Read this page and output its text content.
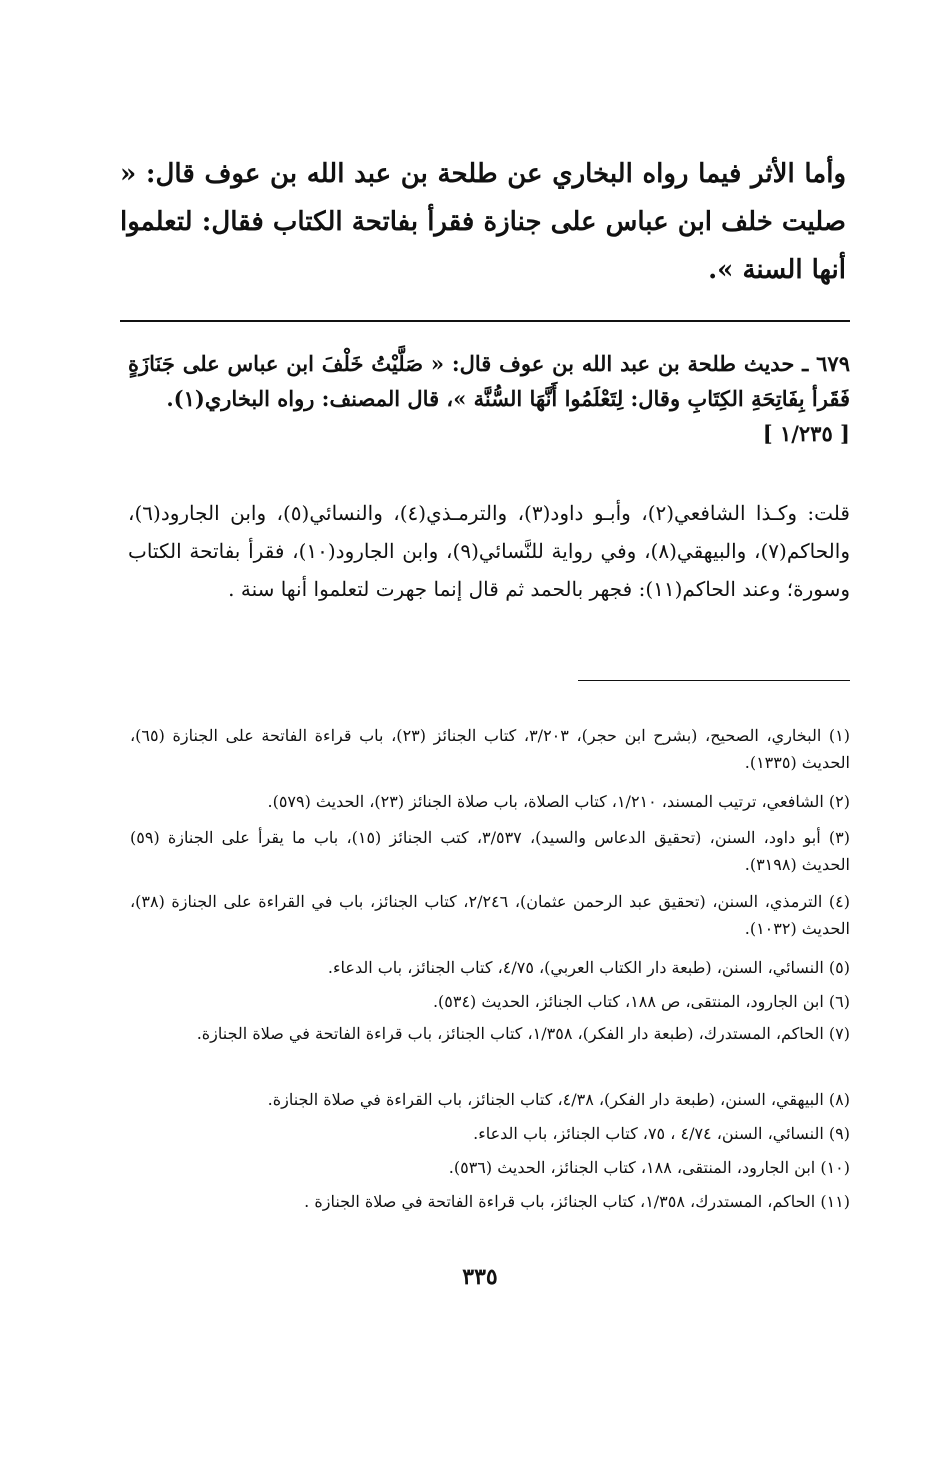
وأما الأثر فيما رواه البخاري عن طلحة بن عبد الله بن عوف قال: « صليت خلف ابن عباس على جنازة فقرأ بفاتحة الكتاب فقال: لتعلموا أنها السنة ».

٦٧٩ ـ حديث طلحة بن عبد الله بن عوف قال: « صَلَّيْتُ خَلْفَ ابن عباس على جَنَازَةٍ فَقَرأ بِفَاتِحَةِ الكِتَابِ وقال: لِتَعْلَمُوا أَنَّهَا السُّنَّة »، قال المصنف: رواه البخاري(١).
[ ١/٢٣٥ ]

قلت: وكـذا الشافعي(٢)، وأبـو داود(٣)، والترمـذي(٤)، والنسائي(٥)، وابن الجارود(٦)، والحاكم(٧)، والبيهقي(٨)، وفي رواية للنَّسائي(٩)، وابن الجارود(١٠)، فقرأ بفاتحة الكتاب وسورة؛ وعند الحاكم(١١): فجهر بالحمد ثم قال إنما جهرت لتعلموا أنها سنة .

(١) البخاري، الصحيح، (بشرح ابن حجر)، ٣/٢٠٣، كتاب الجنائز (٢٣)، باب قراءة الفاتحة على الجنازة (٦٥)، الحديث (١٣٣٥).
(٢) الشافعي، ترتيب المسند، ١/٢١٠، كتاب الصلاة، باب صلاة الجنائز (٢٣)، الحديث (٥٧٩).
(٣) أبو داود، السنن، (تحقيق الدعاس والسيد)، ٣/٥٣٧، كتب الجنائز (١٥)، باب ما يقرأ على الجنازة (٥٩) الحديث (٣١٩٨).
(٤) الترمذي، السنن، (تحقيق عبد الرحمن عثمان)، ٢/٢٤٦، كتاب الجنائز، باب في القراءة على الجنازة (٣٨)، الحديث (١٠٣٢).
(٥) النسائي، السنن، (طبعة دار الكتاب العربي)، ٤/٧٥، كتاب الجنائز، باب الدعاء.
(٦) ابن الجارود، المنتقى، ص ١٨٨، كتاب الجنائز، الحديث (٥٣٤).
(٧) الحاكم، المستدرك، (طبعة دار الفكر)، ١/٣٥٨، كتاب الجنائز، باب قراءة الفاتحة في صلاة الجنازة.
(٨) البيهقي، السنن، (طبعة دار الفكر)، ٤/٣٨، كتاب الجنائز، باب القراءة في صلاة الجنازة.
(٩) النسائي، السنن، ٤/٧٤ ، ٧٥، كتاب الجنائز، باب الدعاء.
(١٠) ابن الجارود، المنتقى، ١٨٨، كتاب الجنائز، الحديث (٥٣٦).
(١١) الحاكم، المستدرك، ١/٣٥٨، كتاب الجنائز، باب قراءة الفاتحة في صلاة الجنازة .
٣٣٥
